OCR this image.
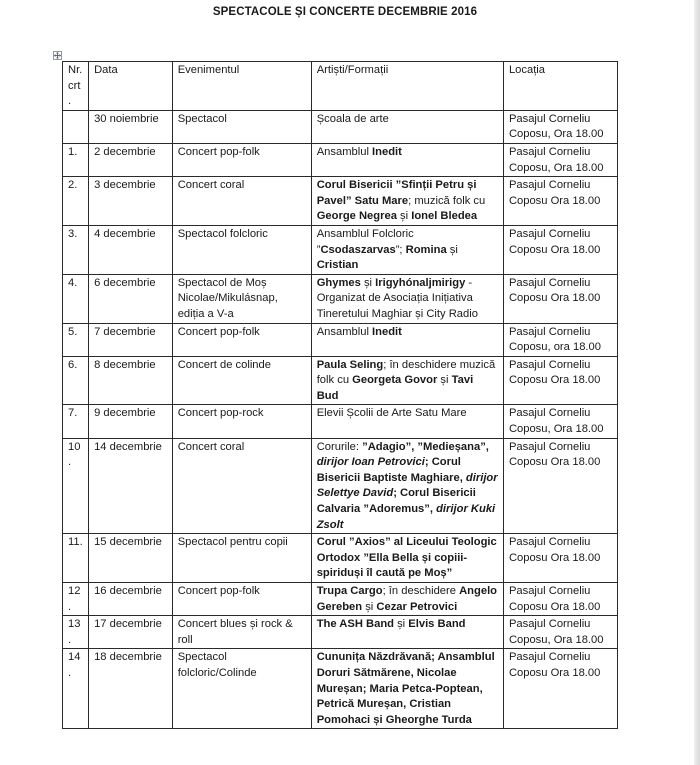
SPECTACOLE ȘI CONCERTE DECEMBRIE 2016
Nr. crt.	Data	Evenimentul	Artiști/Formații	Locația
	30 noiembrie	Spectacol	Școala de arte	Pasajul Corneliu Coposu, Ora 18.00
1.	2 decembrie	Concert pop-folk	Ansamblul Inedit	Pasajul Corneliu Coposu, Ora 18.00
2.	3 decembrie	Concert coral	Corul Bisericii ”Sfinții Petru și Pavel” Satu Mare; muzică folk cu George Negrea și Ionel Bledea	Pasajul Corneliu Coposu Ora 18.00
3.	4 decembrie	Spectacol folcloric	Ansamblul Folcloric ”Csodaszarvas”; Romina și Cristian	Pasajul Corneliu Coposu Ora 18.00
4.	6 decembrie	Spectacol de Moș Nicolae/Mikulásnap, ediția a V-a	Ghymes și Irigyhónaljmirigy - Organizat de Asociația Inițiativa Tineretului Maghiar și City Radio	Pasajul Corneliu Coposu Ora 18.00
5.	7 decembrie	Concert pop-folk	Ansamblul Inedit	Pasajul Corneliu Coposu, ora 18.00
6.	8 decembrie	Concert de colinde	Paula Seling; în deschidere muzică folk cu Georgeta Govor și Tavi Bud	Pasajul Corneliu Coposu Ora 18.00
7.	9 decembrie	Concert pop-rock	Elevii Școlii de Arte Satu Mare	Pasajul Corneliu Coposu, Ora 18.00
10.	14 decembrie	Concert coral	Corurile: ”Adagio”, ”Medieșana”, dirijor Ioan Petrovici; Corul Bisericii Baptiste Maghiare, dirijor Selettye David; Corul Bisericii Calvaria ”Adoremus”, dirijor Kuki Zsolt	Pasajul Corneliu Coposu Ora 18.00
11.	15 decembrie	Spectacol pentru copii	Corul ”Axios” al Liceului Teologic Ortodox ”Ella Bella și copiii-spiriduși îl caută pe Moș”	Pasajul Corneliu Coposu Ora 18.00
12.	16 decembrie	Concert pop-folk	Trupa Cargo; în deschidere Angelo Gereben și Cezar Petrovici	Pasajul Corneliu Coposu Ora 18.00
13.	17 decembrie	Concert blues și rock & roll	The ASH Band și Elvis Band	Pasajul Corneliu Coposu, Ora 18.00
14.	18 decembrie	Spectacol folcloric/Colinde	Cununița Năzdrăvană; Ansamblul Doruri Sătmărene, Nicolae Mureșan; Maria Petca-Poptean, Petrică Mureșan, Cristian Pomohaci și Gheorghe Turda	Pasajul Corneliu Coposu Ora 18.00
